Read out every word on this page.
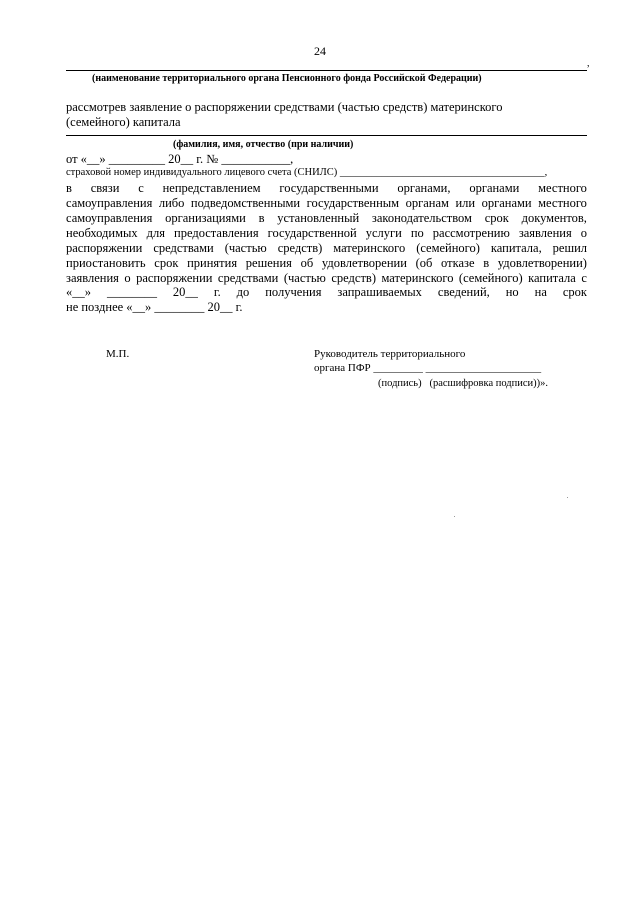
24
,
(наименование территориального органа Пенсионного фонда Российской Федерации)
рассмотрев заявление о распоряжении средствами (частью средств) материнского
(семейного) капитала
(фамилия, имя, отчество (при наличии)
от «__» _________ 20__ г. № ___________,
страховой номер индивидуального лицевого счета (СНИЛС) _______________________________________,
в связи с непредставлением государственными органами, органами местного
самоуправления либо подведомственными государственным органам или органами местного
самоуправления организациями в установленный законодательством срок документов,
необходимых для предоставления государственной услуги по рассмотрению заявления о
распоряжении средствами (частью средств) материнского (семейного) капитала, решил
приостановить срок принятия решения об удовлетворении (об отказе в удовлетворении)
заявления о распоряжении средствами (частью средств) материнского (семейного) капитала с
«__» ________ 20__ г. до получения запрашиваемых сведений, но на срок
не позднее «__» ________ 20__ г.
М.П.	Руководитель территориального
органа ПФР _________ _____________________
(подпись)   (расшифровка подписи))».
